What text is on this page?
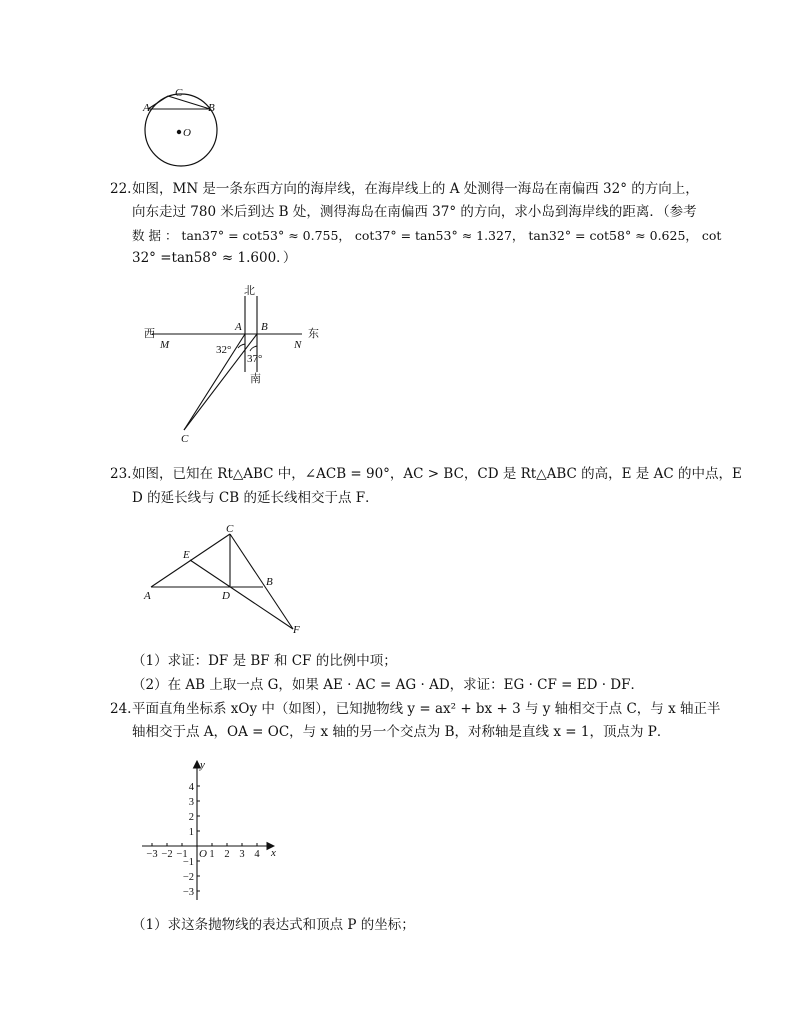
A
C
B
O
22. 如图，MN 是一条东西方向的海岸线，在海岸线上的 A 处测得一海岛在南偏西 32° 的方向上，
向东走过 780 米后到达 B 处，测得海岛在南偏西 37° 的方向，求小岛到海岸线的距离．（参考
数 据 ： tan37° = cot53° ≈ 0.755， cot37° = tan53° ≈ 1.327， tan32° = cot58° ≈ 0.625， cot
32° =tan58° ≈ 1.600．）
北
南
西	东
M	N
A B
C
32°
37°
23. 如图，已知在 Rt△ABC 中，∠ACB = 90°，AC > BC，CD 是 Rt△ABC 的高，E 是 AC 的中点，E
D 的延长线与 CB 的延长线相交于点 F．
A
B
C
D
E
F
（1）求证：DF 是 BF 和 CF 的比例中项；
（2）在 AB 上取一点 G，如果 AE · AC = AG · AD，求证：EG · CF = ED · DF．
24. 平面直角坐标系 xOy 中（如图），已知抛物线 y = ax² + bx + 3 与 y 轴相交于点 C，与 x 轴正半
轴相交于点 A，OA = OC，与 x 轴的另一个交点为 B，对称轴是直线 x = 1，顶点为 P．
−3 −2 −1 1 2 3 4
4
3
2
1
−1
−2
−3
x
y
O
（1）求这条抛物线的表达式和顶点 P 的坐标；
